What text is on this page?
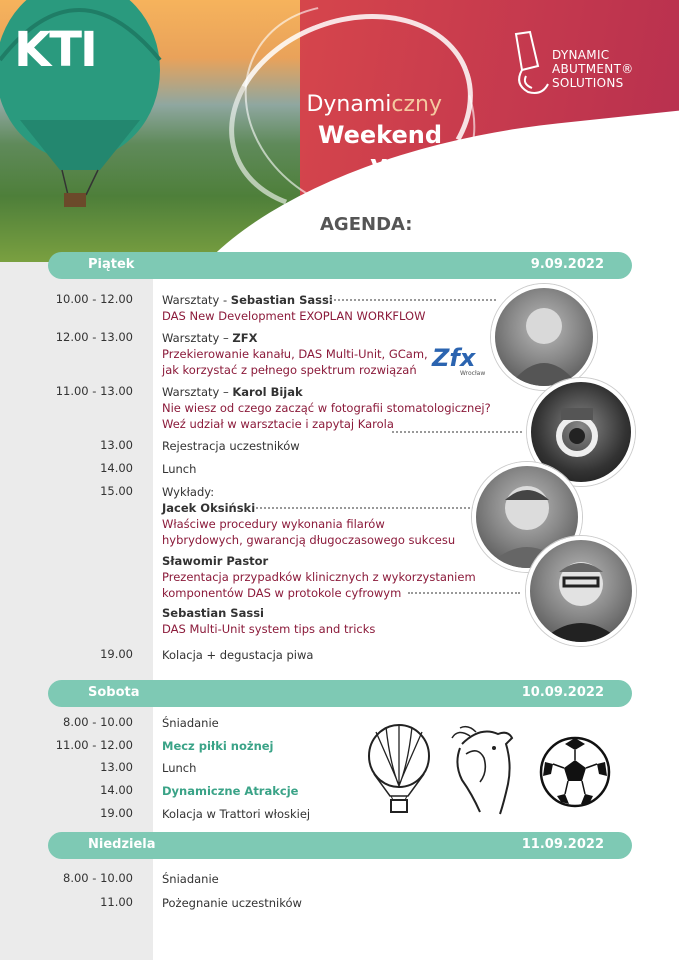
KTI
Dynamiczny
Weekend
vol.3
DYNAMIC
ABUTMENT®
SOLUTIONS
AGENDA:
Piątek	9.09.2022
10.00 - 12.00	Warsztaty - Sebastian Sassi
DAS New Development EXOPLAN WORKFLOW
12.00 - 13.00	Warsztaty – ZFX
Przekierowanie kanału, DAS Multi-Unit, GCam,
jak korzystać z pełnego spektrum rozwiązań Zfx
Wrocław
11.00 - 13.00	Warsztaty – Karol Bijak
Nie wiesz od czego zacząć w fotografii stomatologicznej?
Weź udział w warsztacie i zapytaj Karola
13.00	Rejestracja uczestników
14.00	Lunch
15.00	Wykłady:
Jacek Oksiński
Właściwe procedury wykonania filarów
hybrydowych, gwarancją długoczasowego sukcesu
Sławomir Pastor
Prezentacja przypadków klinicznych z wykorzystaniem
komponentów DAS w protokole cyfrowym
Sebastian Sassi
DAS Multi-Unit system tips and tricks
19.00	Kolacja + degustacja piwa
Sobota	10.09.2022
8.00 - 10.00	Śniadanie
11.00 - 12.00	Mecz piłki nożnej
13.00	Lunch
14.00	Dynamiczne Atrakcje
19.00	Kolacja w Trattori włoskiej
Niedziela	11.09.2022
8.00 - 10.00	Śniadanie
11.00	Pożegnanie uczestników
